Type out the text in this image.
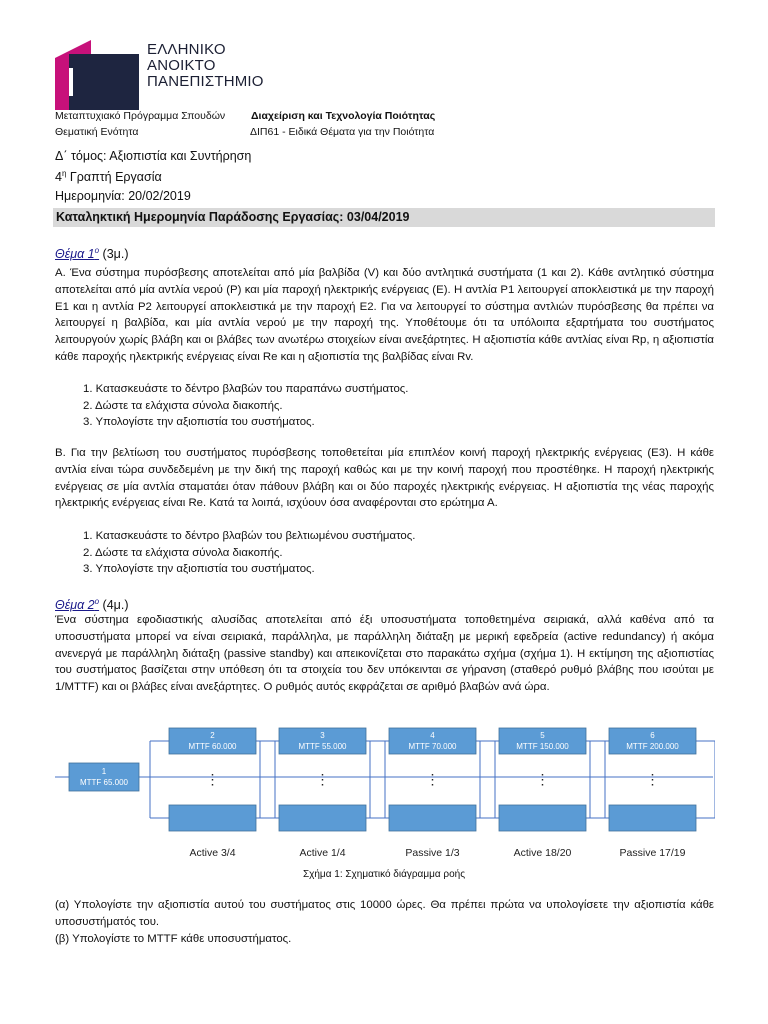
ΕΛΛΗΝΙΚΟ
ΑΝΟΙΚΤΟ
ΠΑΝΕΠΙΣΤΗΜΙΟ
Μεταπτυχιακό Πρόγραμμα Σπουδών Διαχείριση και Τεχνολογία Ποιότητας
Θεματική Ενότητα	ΔΙΠ61 - Ειδικά Θέματα για την Ποιότητα
Δ΄ τόμος: Αξιοπιστία και Συντήρηση
$4^\eta$ Γραπτή Εργασία
Ημερομηνία: 20/02/2019
Καταληκτική Ημερομηνία Παράδοσης Εργασίας: 03/04/2019
Θέμα $1^o$ (3μ.)
Α. Ένα σύστημα πυρόσβεσης αποτελείται από μία βαλβίδα (V) και δύο αντλητικά συστήματα (1 και 2). Κάθε αντλητικό σύστημα αποτελείται από μία αντλία νερού (P) και μία παροχή ηλεκτρικής ενέργειας (E). Η αντλία P1 λειτουργεί αποκλειστικά με την παροχή E1 και η αντλία P2 λειτουργεί αποκλειστικά με την παροχή E2. Για να λειτουργεί το σύστημα αντλιών πυρόσβεσης θα πρέπει να λειτουργεί η βαλβίδα, και μία αντλία νερού με την παροχή της. Υποθέτουμε ότι τα υπόλοιπα εξαρτήματα του συστήματος λειτουργούν χωρίς βλάβη και οι βλάβες των ανωτέρω στοιχείων είναι ανεξάρτητες. Η αξιοπιστία κάθε αντλίας είναι Rp, η αξιοπιστία κάθε παροχής ηλεκτρικής ενέργειας είναι Re και η αξιοπιστία της βαλβίδας είναι Rv.
1. Κατασκευάστε το δέντρο βλαβών του παραπάνω συστήματος.
2. Δώστε τα ελάχιστα σύνολα διακοπής.
3. Υπολογίστε την αξιοπιστία του συστήματος.
Β. Για την βελτίωση του συστήματος πυρόσβεσης τοποθετείται μία επιπλέον κοινή παροχή ηλεκτρικής ενέργειας (E3). Η κάθε αντλία είναι τώρα συνδεδεμένη με την δική της παροχή καθώς και με την κοινή παροχή που προστέθηκε. Η παροχή ηλεκτρικής ενέργειας σε μία αντλία σταματάει όταν πάθουν βλάβη και οι δύο παροχές ηλεκτρικής ενέργειας. Η αξιοπιστία της νέας παροχής ηλεκτρικής ενέργειας είναι Re. Κατά τα λοιπά, ισχύουν όσα αναφέρονται στο ερώτημα Α.
1. Κατασκευάστε το δέντρο βλαβών του βελτιωμένου συστήματος.
2. Δώστε τα ελάχιστα σύνολα διακοπής.
3. Υπολογίστε την αξιοπιστία του συστήματος.
Θέμα $2^o$ (4μ.)
Ένα σύστημα εφοδιαστικής αλυσίδας αποτελείται από έξι υποσυστήματα τοποθετημένα σειριακά, αλλά καθένα από τα υποσυστήματα μπορεί να είναι σειριακά, παράλληλα, με παράλληλη διάταξη με μερική εφεδρεία (active redundancy) ή ακόμα ανενεργά με παράλληλη διάταξη (passive standby) και απεικονίζεται στο παρακάτω σχήμα (σχήμα 1). Η εκτίμηση της αξιοπιστίας του συστήματος βασίζεται στην υπόθεση ότι τα στοιχεία του δεν υπόκεινται σε γήρανση (σταθερό ρυθμό βλάβης που ισούται με 1/MTTF) και οι βλάβες είναι ανεξάρτητες. Ο ρυθμός αυτός εκφράζεται σε αριθμό βλαβών ανά ώρα.
1
MTTF 65.000
2
MTTF 60.000
⋮
Active 3/4
3
MTTF 55.000
⋮
Active 1/4
4
MTTF 70.000
⋮
Passive 1/3
5
MTTF 150.000
⋮
Active 18/20
6
MTTF 200.000
⋮
Passive 17/19
Σχήμα 1: Σχηματικό διάγραμμα ροής
(α) Υπολογίστε την αξιοπιστία αυτού του συστήματος στις 10000 ώρες. Θα πρέπει πρώτα να υπολογίσετε την αξιοπιστία κάθε υποσυστήματός του.
(β) Υπολογίστε το MTTF κάθε υποσυστήματος.
